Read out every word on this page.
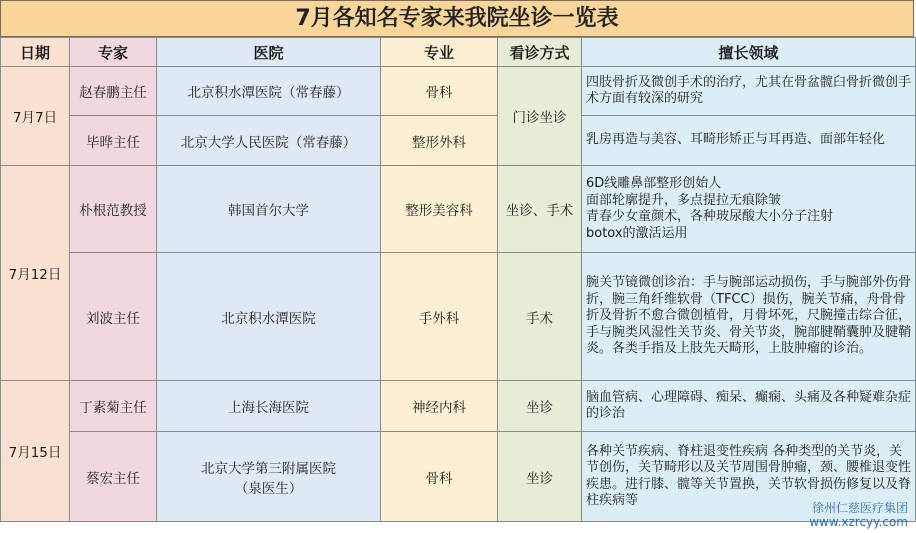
7月各知名专家来我院坐诊一览表
日期	专家	医院	专业	看诊方式	擅长领域
7月7日	赵春鹏主任	北京积水潭医院（常春藤）	骨科	门诊坐诊	四肢骨折及微创手术的治疗，尤其在骨盆髋臼骨折微创手术方面有较深的研究
	毕晔主任	北京大学人民医院（常春藤）	整形外科		乳房再造与美容、耳畸形矫正与耳再造、面部年轻化
7月12日	朴根范教授	韩国首尔大学	整形美容科	坐诊、手术	6D线雕鼻部整形创始人
面部轮廓提升，多点提拉无痕除皱
青春少女童颜术，各种玻尿酸大小分子注射
botox的激活运用

	刘波主任	北京积水潭医院	手外科	手术	腕关节镜微创诊治：手与腕部运动损伤，手与腕部外伤骨折，腕三角纤维软骨（TFCC）损伤，腕关节痛，舟骨骨折及骨折不愈合微创植骨，月骨坏死，尺腕撞击综合征，手与腕类风湿性关节炎、骨关节炎，腕部腱鞘囊肿及腱鞘炎。各类手指及上肢先天畸形，上肢肿瘤的诊治。
7月15日	丁素菊主任	上海长海医院	神经内科	坐诊	脑血管病、心理障碍、痴呆、癫痫、头痛及各种疑难杂症的诊治
	蔡宏主任	北京大学第三附属医院
（泉医生）	骨科	坐诊	各种关节疾病、脊柱退变性疾病 各种类型的关节炎，关节创伤，关节畸形以及关节周围骨肿瘤，颈、腰椎退变性疾患。进行膝、髋等关节置换，关节软骨损伤修复以及脊柱疾病等	徐州仁慈医疗集团
www.xzrcyy.com
